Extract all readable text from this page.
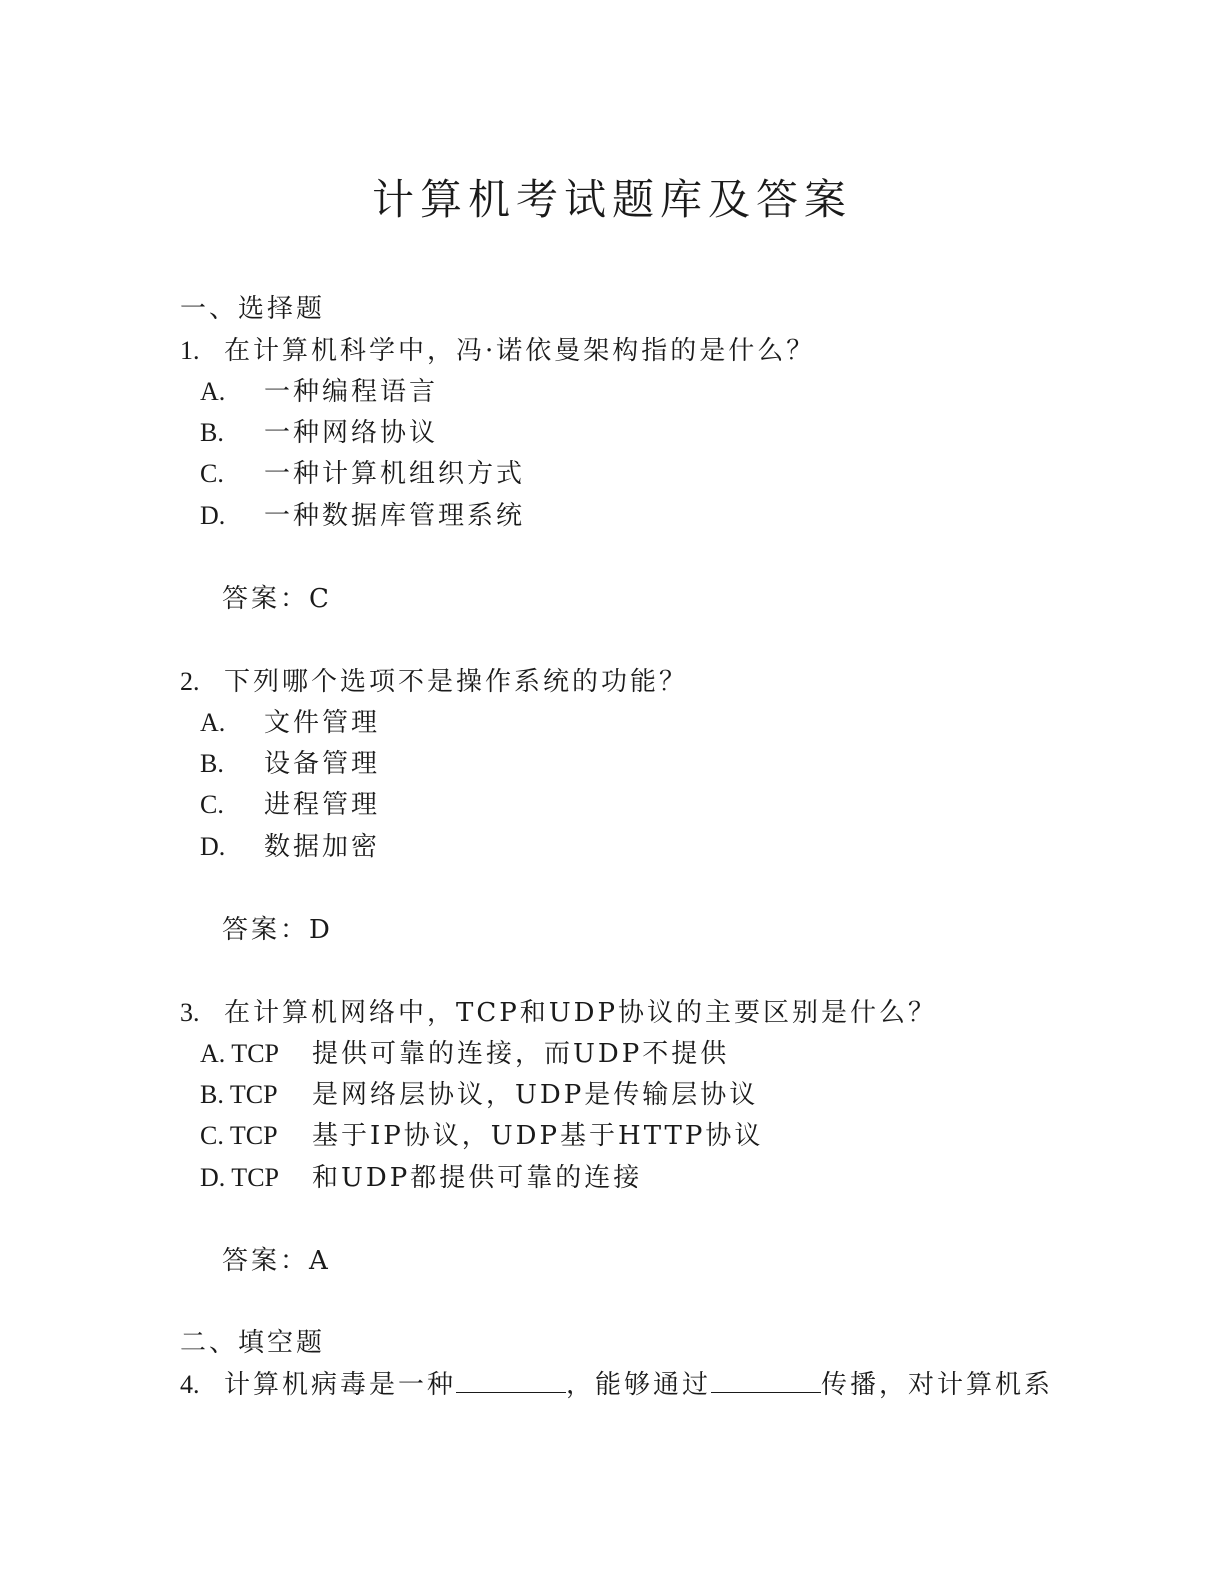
计算机考试题库及答案
一、选择题
1. 在计算机科学中，冯·诺依曼架构指的是什么？
A. 一种编程语言
B. 一种网络协议
C. 一种计算机组织方式
D. 一种数据库管理系统
答案：C
2. 下列哪个选项不是操作系统的功能？
A. 文件管理
B. 设备管理
C. 进程管理
D. 数据加密
答案：D
3. 在计算机网络中，TCP和UDP协议的主要区别是什么？
A. TCP 提供可靠的连接，而UDP不提供
B. TCP 是网络层协议，UDP是传输层协议
C. TCP 基于IP协议，UDP基于HTTP协议
D. TCP 和UDP都提供可靠的连接
答案：A
二、填空题
4. 计算机病毒是一种	，能够通过	传播，对计算机系
